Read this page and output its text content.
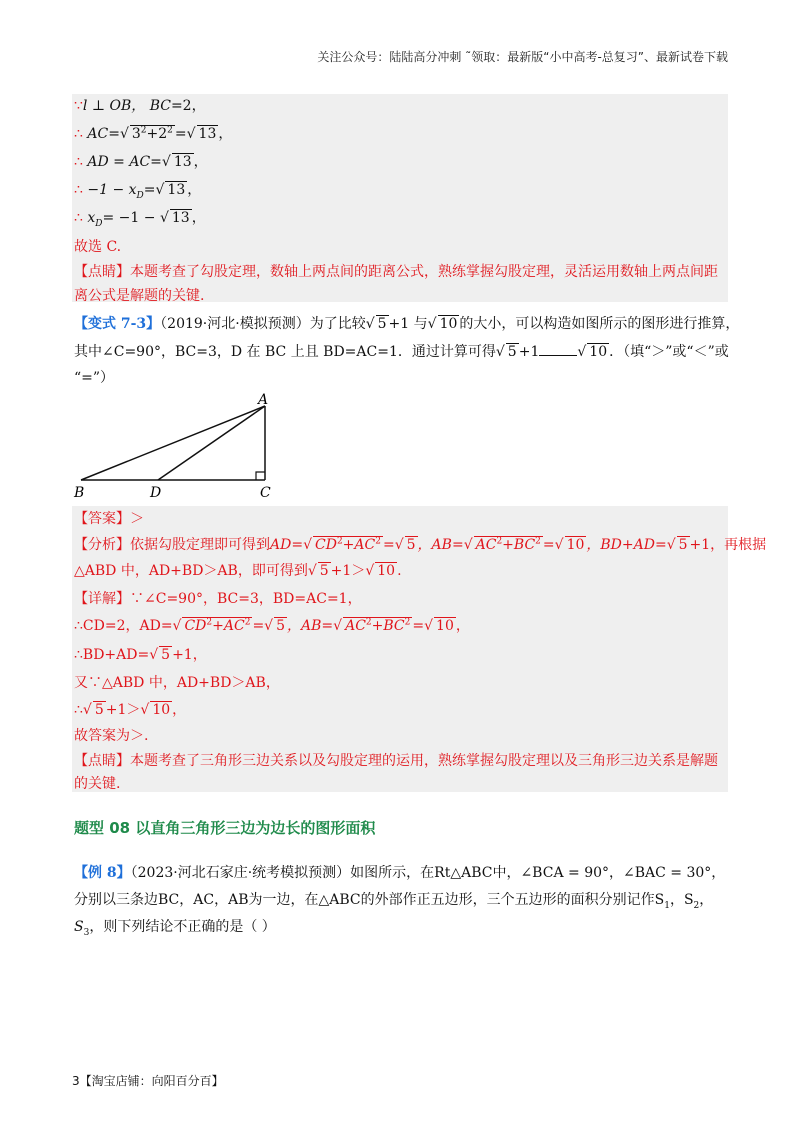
关注公众号：陆陆高分冲刺 ˜领取：最新版“小中高考-总复习”、最新试卷下载
∵l ⊥ OB， BC=2，
∴ AC=√ $3^2+2^2$ =√ 13 ，
∴ AD = AC=√ 13 ，
∴ $-1 - x_D=√$ 13 ，
∴ $x_D= -1$ − √ 13 ，
故选 C.
【点睛】本题考查了勾股定理，数轴上两点间的距离公式，熟练掌握勾股定理，灵活运用数轴上两点间距
离公式是解题的关键.
【变式 7-3】（2019·河北·模拟预测）为了比较√ 5 +1 与√ 10 的大小，可以构造如图所示的图形进行推算，
其中∠C=90°，BC=3，D 在 BC 上且 BD=AC=1．通过计算可得√ 5 +1	√ 10 ．（填“＞”或“＜”或
“=”）
A
B	D	C
【答案】＞
【分析】依据勾股定理即可得到AD=√ $CD^2+AC^2$ =√ 5 ，AB=√ $AC^2+BC^2$ =√ 10 ，BD+AD=√ 5 +1，再根据
△ABD 中，AD+BD＞AB，即可得到√ 5 +1＞√ 10 .
【详解】∵∠C=90°，BC=3，BD=AC=1，
∴CD=2，AD=√ $CD^2+AC^2$ =√ 5 ，AB=√ $AC^2+BC^2$ =√ 10 ，
∴BD+AD=√ 5 +1，
又∵△ABD 中，AD+BD＞AB，
∴√ 5 +1＞√ 10 ，
故答案为＞.
【点睛】本题考查了三角形三边关系以及勾股定理的运用，熟练掌握勾股定理以及三角形三边关系是解题
的关键.
题型 08 以直角三角形三边为边长的图形面积
【例 8】（2023·河北石家庄·统考模拟预测）如图所示，在Rt△ABC中，∠BCA = 90°，∠BAC = 30°，
分别以三条边BC，AC，AB为一边，在△ABC的外部作正五边形，三个五边形的面积分别记作$S_1$，$S_2$，
$S_3$，则下列结论不正确的是（ ）
3【淘宝店铺：向阳百分百】
